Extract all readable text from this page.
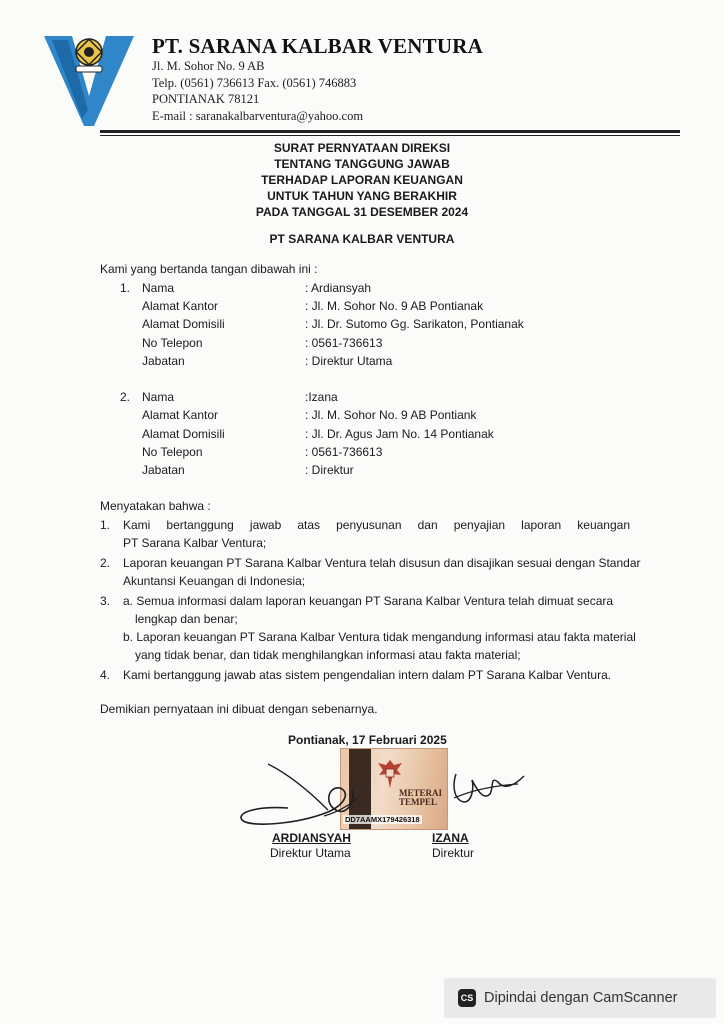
PT. SARANA KALBAR VENTURA
Jl. M. Sohor No. 9 AB
Telp. (0561) 736613 Fax. (0561) 746883
PONTIANAK 78121
E-mail : saranakalbarventura@yahoo.com
SURAT PERNYATAAN DIREKSI
TENTANG TANGGUNG JAWAB
TERHADAP LAPORAN KEUANGAN
UNTUK TAHUN YANG BERAKHIR
PADA TANGGAL 31 DESEMBER 2024
PT SARANA KALBAR VENTURA
Kami yang bertanda tangan dibawah ini :
1. Nama	: Ardiansyah
Alamat Kantor	: Jl. M. Sohor No. 9 AB Pontianak
Alamat Domisili	: Jl. Dr. Sutomo Gg. Sarikaton, Pontianak
No Telepon	: 0561-736613
Jabatan	: Direktur Utama
2. Nama	:Izana
Alamat Kantor	: Jl. M. Sohor No. 9 AB Pontiank
Alamat Domisili	: Jl. Dr. Agus Jam No. 14 Pontianak
No Telepon	: 0561-736613
Jabatan	: Direktur
Menyatakan bahwa :
1. Kami bertanggung jawab atas penyusunan dan penyajian laporan keuangan
PT Sarana Kalbar Ventura;
2. Laporan keuangan PT Sarana Kalbar Ventura telah disusun dan disajikan sesuai dengan Standar
Akuntansi Keuangan di Indonesia;
3. a. Semua informasi dalam laporan keuangan PT Sarana Kalbar Ventura telah dimuat secara
lengkap dan benar;
b. Laporan keuangan PT Sarana Kalbar Ventura tidak mengandung informasi atau fakta material
yang tidak benar, dan tidak menghilangkan informasi atau fakta material;
4. Kami bertanggung jawab atas sistem pengendalian intern dalam PT Sarana Kalbar Ventura.
Demikian pernyataan ini dibuat dengan sebenarnya.
Pontianak, 17 Februari 2025
METERAI
TEMPEL
DD7AAMX179426318
ARDIANSYAH
Direktur Utama
IZANA
Direktur
CS Dipindai dengan CamScanner
